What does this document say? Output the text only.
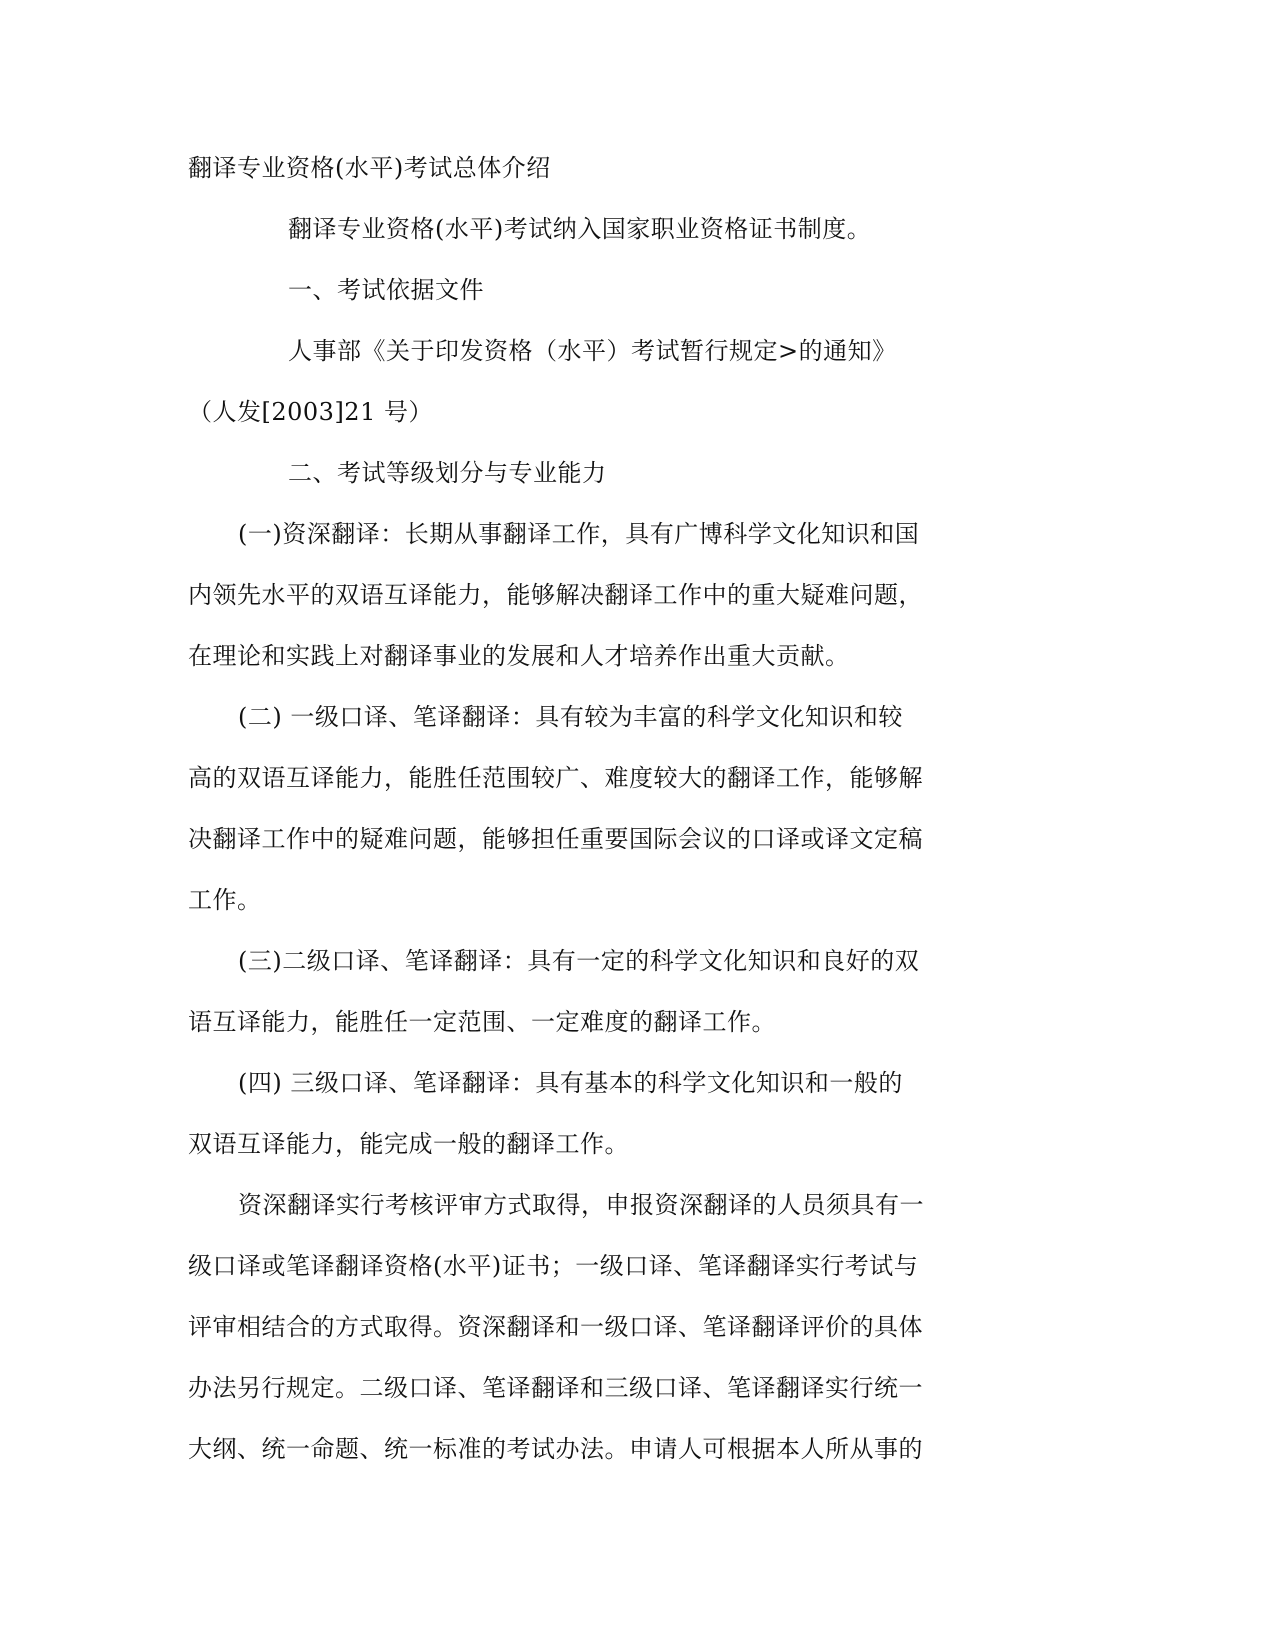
翻译专业资格(水平)考试总体介绍
翻译专业资格(水平)考试纳入国家职业资格证书制度。
一、考试依据文件
人事部《关于印发资格（水平）考试暂行规定>的通知》
（人发[2003]21 号）
二、考试等级划分与专业能力
(一)资深翻译：长期从事翻译工作，具有广博科学文化知识和国
内领先水平的双语互译能力，能够解决翻译工作中的重大疑难问题，
在理论和实践上对翻译事业的发展和人才培养作出重大贡献。
(二) 一级口译、笔译翻译：具有较为丰富的科学文化知识和较
高的双语互译能力，能胜任范围较广、难度较大的翻译工作，能够解
决翻译工作中的疑难问题，能够担任重要国际会议的口译或译文定稿
工作。
(三)二级口译、笔译翻译：具有一定的科学文化知识和良好的双
语互译能力，能胜任一定范围、一定难度的翻译工作。
(四) 三级口译、笔译翻译：具有基本的科学文化知识和一般的
双语互译能力，能完成一般的翻译工作。
资深翻译实行考核评审方式取得，申报资深翻译的人员须具有一
级口译或笔译翻译资格(水平)证书；一级口译、笔译翻译实行考试与
评审相结合的方式取得。资深翻译和一级口译、笔译翻译评价的具体
办法另行规定。二级口译、笔译翻译和三级口译、笔译翻译实行统一
大纲、统一命题、统一标准的考试办法。申请人可根据本人所从事的
